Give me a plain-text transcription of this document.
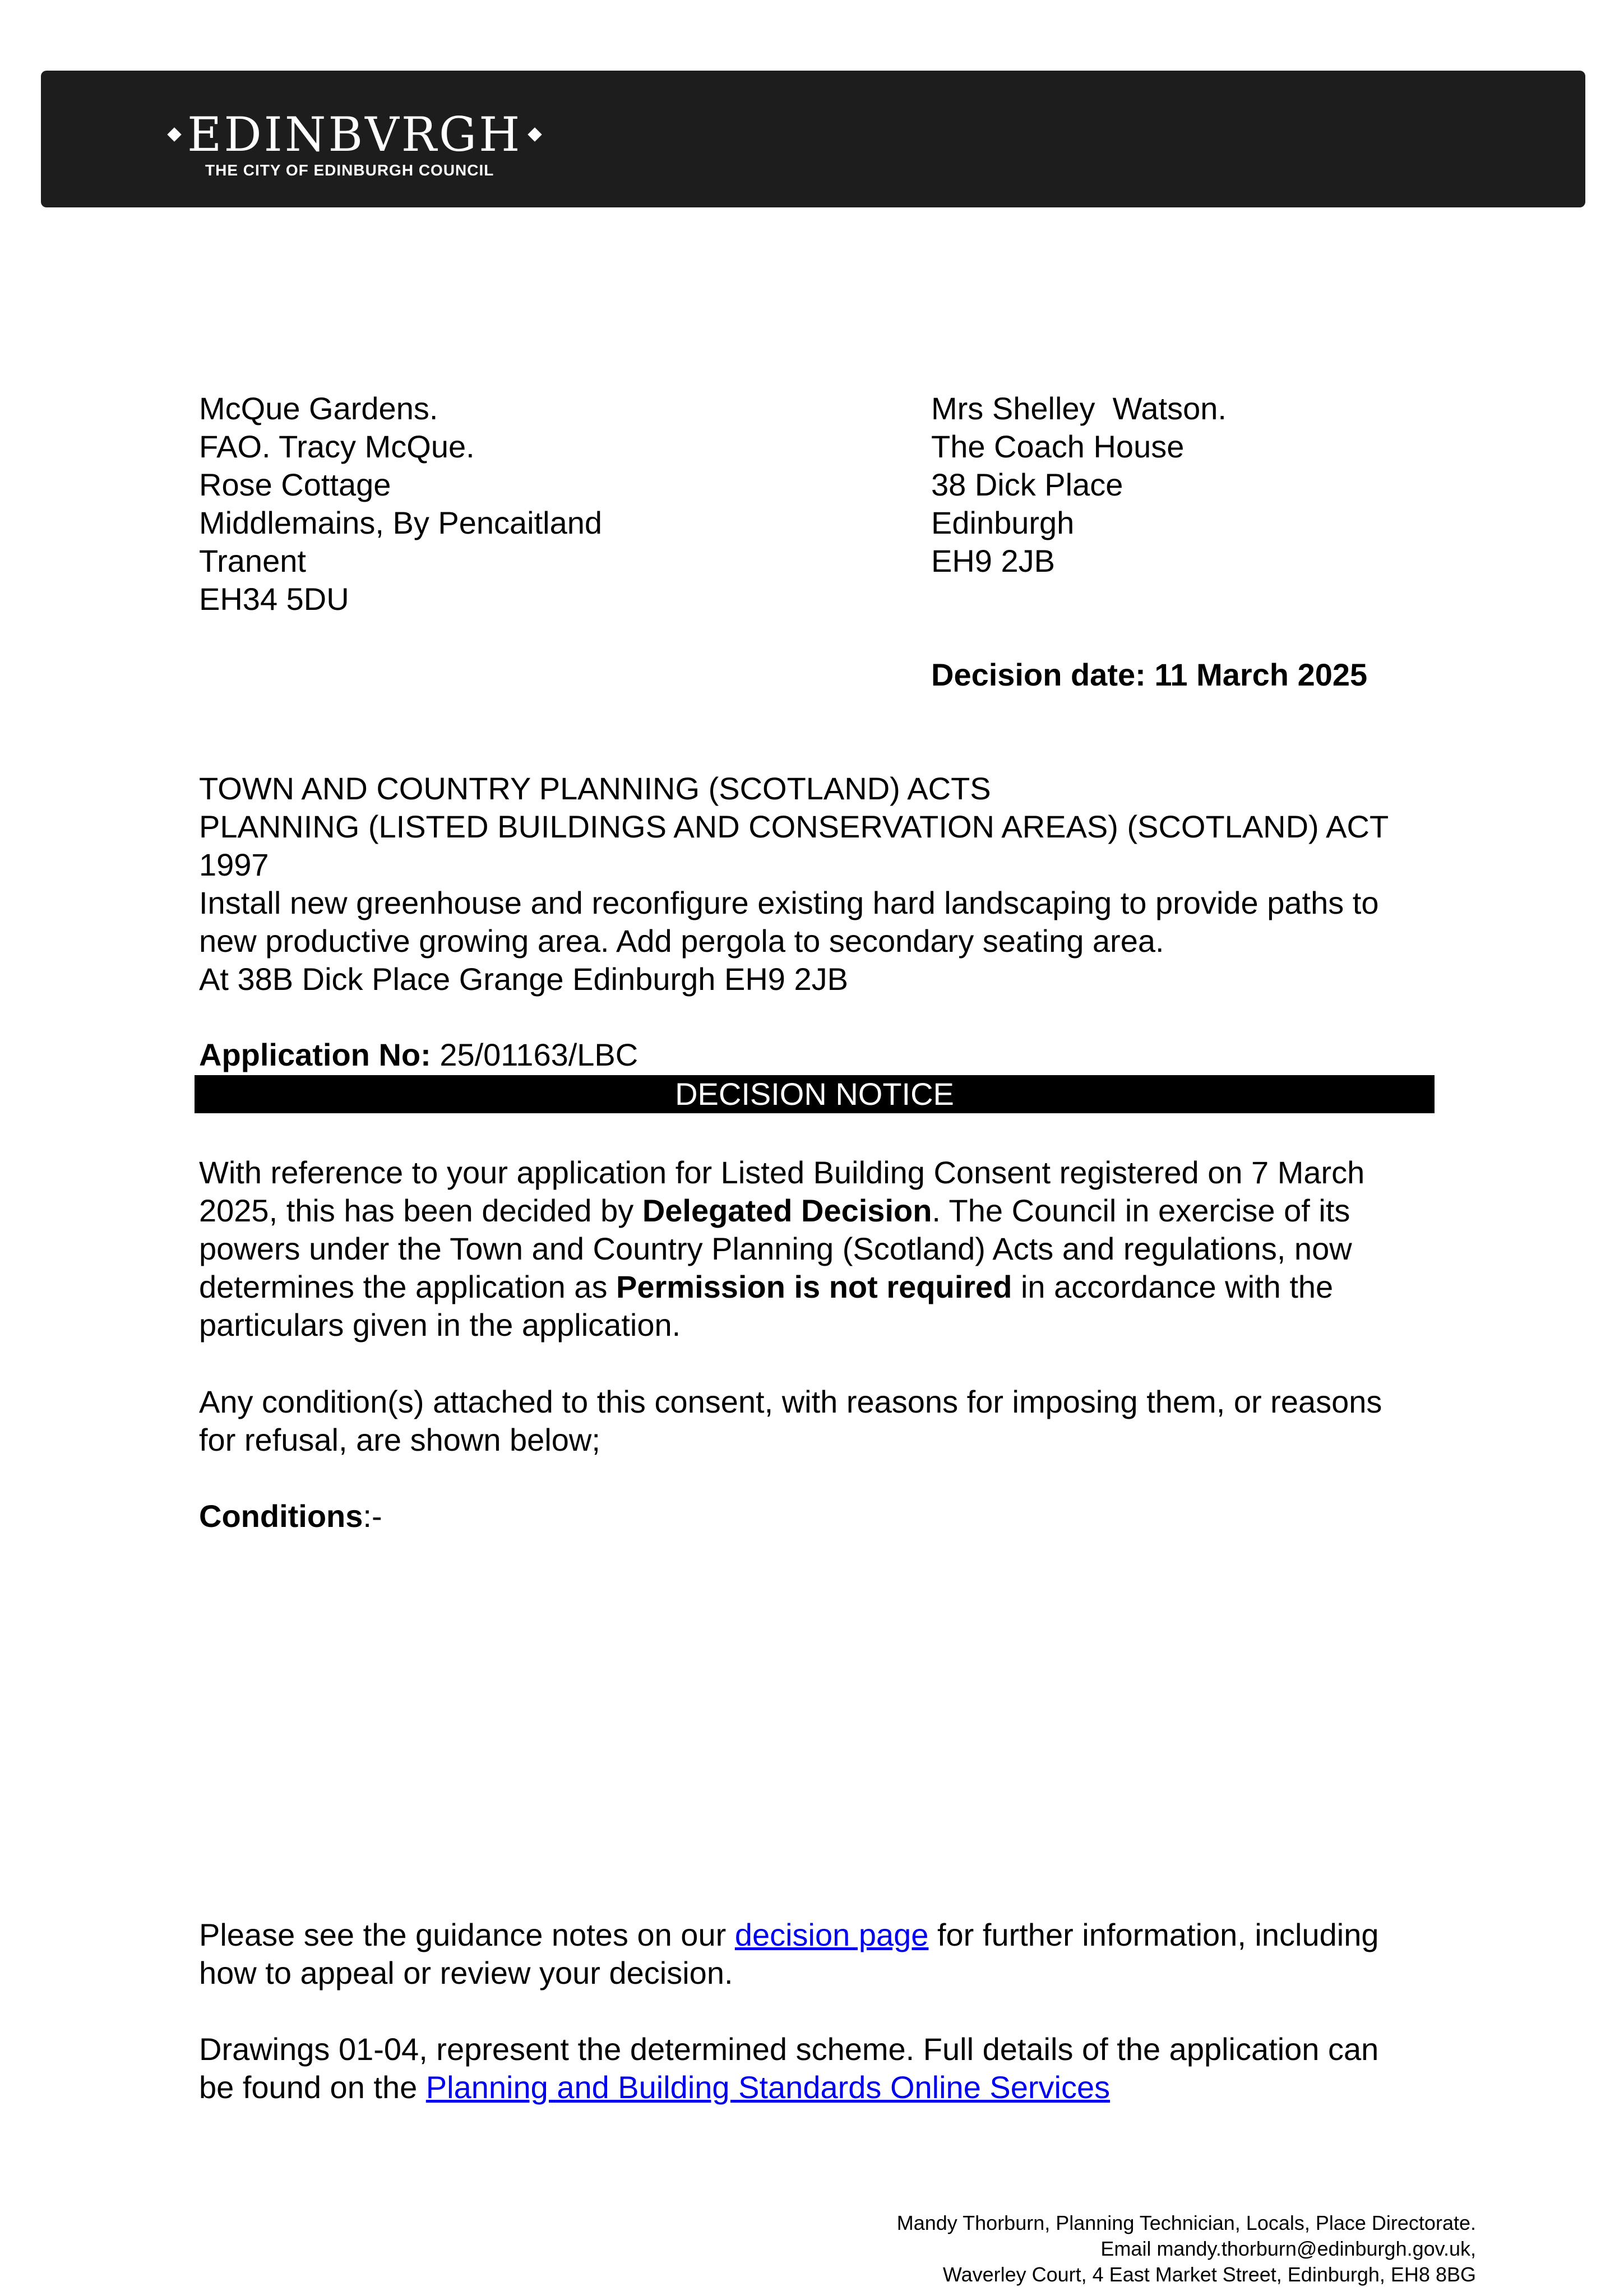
EDINBVRGH
THE CITY OF EDINBURGH COUNCIL
McQue Gardens.
FAO. Tracy McQue.
Rose Cottage
Middlemains, By Pencaitland
Tranent
EH34 5DU
Mrs Shelley  Watson.
The Coach House
38 Dick Place
Edinburgh
EH9 2JB
Decision date: 11 March 2025
TOWN AND COUNTRY PLANNING (SCOTLAND) ACTS
PLANNING (LISTED BUILDINGS AND CONSERVATION AREAS) (SCOTLAND) ACT
1997
Install new greenhouse and reconfigure existing hard landscaping to provide paths to
new productive growing area. Add pergola to secondary seating area.
At 38B Dick Place Grange Edinburgh EH9 2JB
Application No: 25/01163/LBC
DECISION NOTICE
With reference to your application for Listed Building Consent registered on 7 March
2025, this has been decided by Delegated Decision. The Council in exercise of its
powers under the Town and Country Planning (Scotland) Acts and regulations, now
determines the application as Permission is not required in accordance with the
particulars given in the application.
Any condition(s) attached to this consent, with reasons for imposing them, or reasons
for refusal, are shown below;
Conditions:-
Please see the guidance notes on our decision page for further information, including
how to appeal or review your decision.
Drawings 01-04, represent the determined scheme. Full details of the application can
be found on the Planning and Building Standards Online Services
Mandy Thorburn, Planning Technician, Locals, Place Directorate.
Email mandy.thorburn@edinburgh.gov.uk,
Waverley Court, 4 East Market Street, Edinburgh, EH8 8BG
